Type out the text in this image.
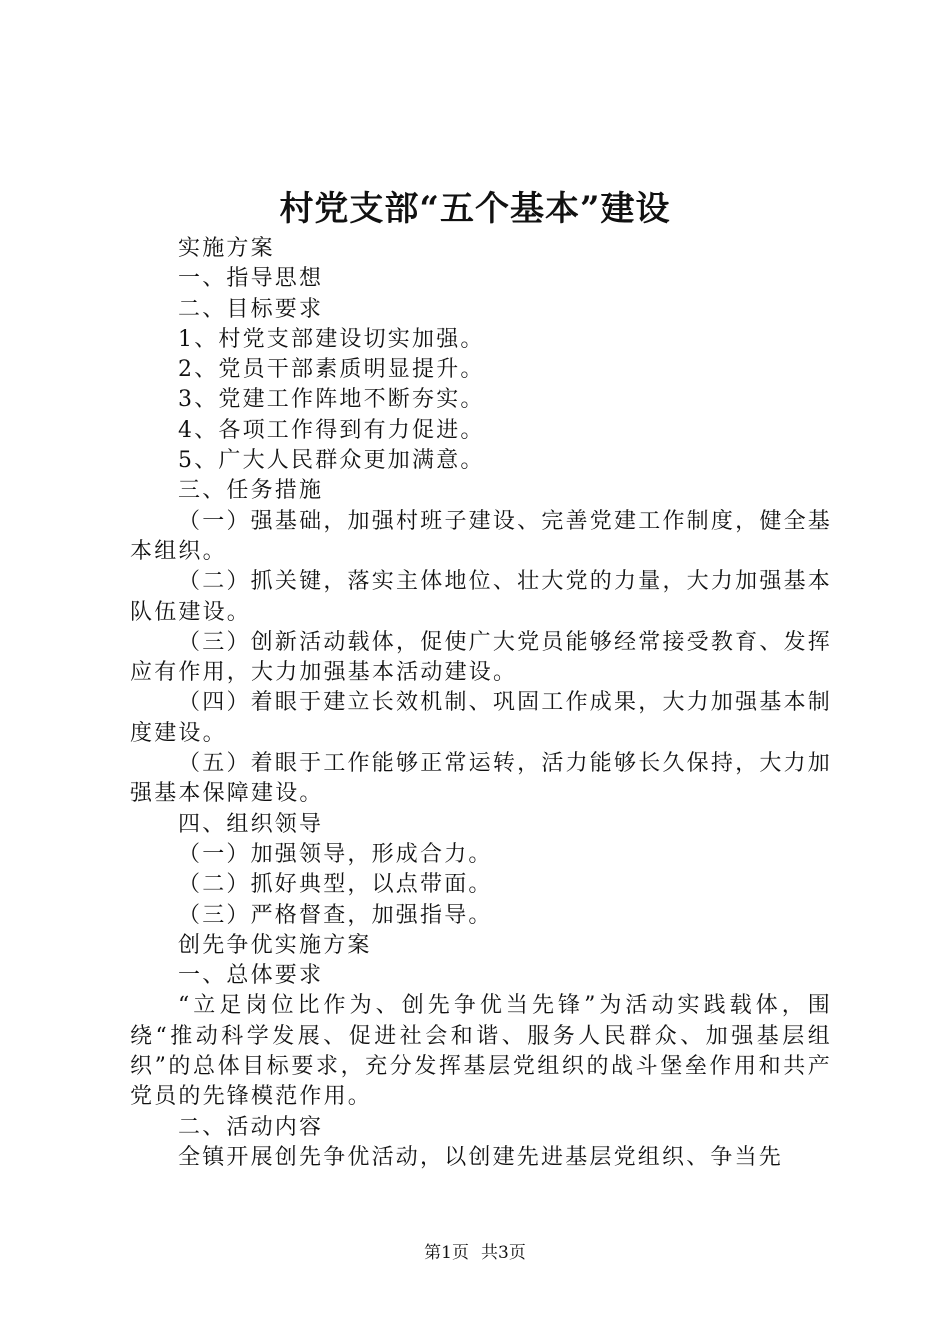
村党支部“五个基本”建设

实施方案

一、指导思想

二、目标要求

1、村党支部建设切实加强。

2、党员干部素质明显提升。

3、党建工作阵地不断夯实。

4、各项工作得到有力促进。

5、广大人民群众更加满意。

三、任务措施

（一）强基础，加强村班子建设、完善党建工作制度，健全基本组织。

（二）抓关键，落实主体地位、壮大党的力量，大力加强基本队伍建设。

（三）创新活动载体，促使广大党员能够经常接受教育、发挥应有作用，大力加强基本活动建设。

（四）着眼于建立长效机制、巩固工作成果，大力加强基本制度建设。

（五）着眼于工作能够正常运转，活力能够长久保持，大力加强基本保障建设。

四、组织领导

（一）加强领导，形成合力。

（二）抓好典型，以点带面。

（三）严格督查，加强指导。

创先争优实施方案

一、总体要求

“立足岗位比作为、创先争优当先锋”为活动实践载体，围绕“推动科学发展、促进社会和谐、服务人民群众、加强基层组织”的总体目标要求，充分发挥基层党组织的战斗堡垒作用和共产党员的先锋模范作用。

二、活动内容

全镇开展创先争优活动，以创建先进基层党组织、争当先

第1页 共3页
